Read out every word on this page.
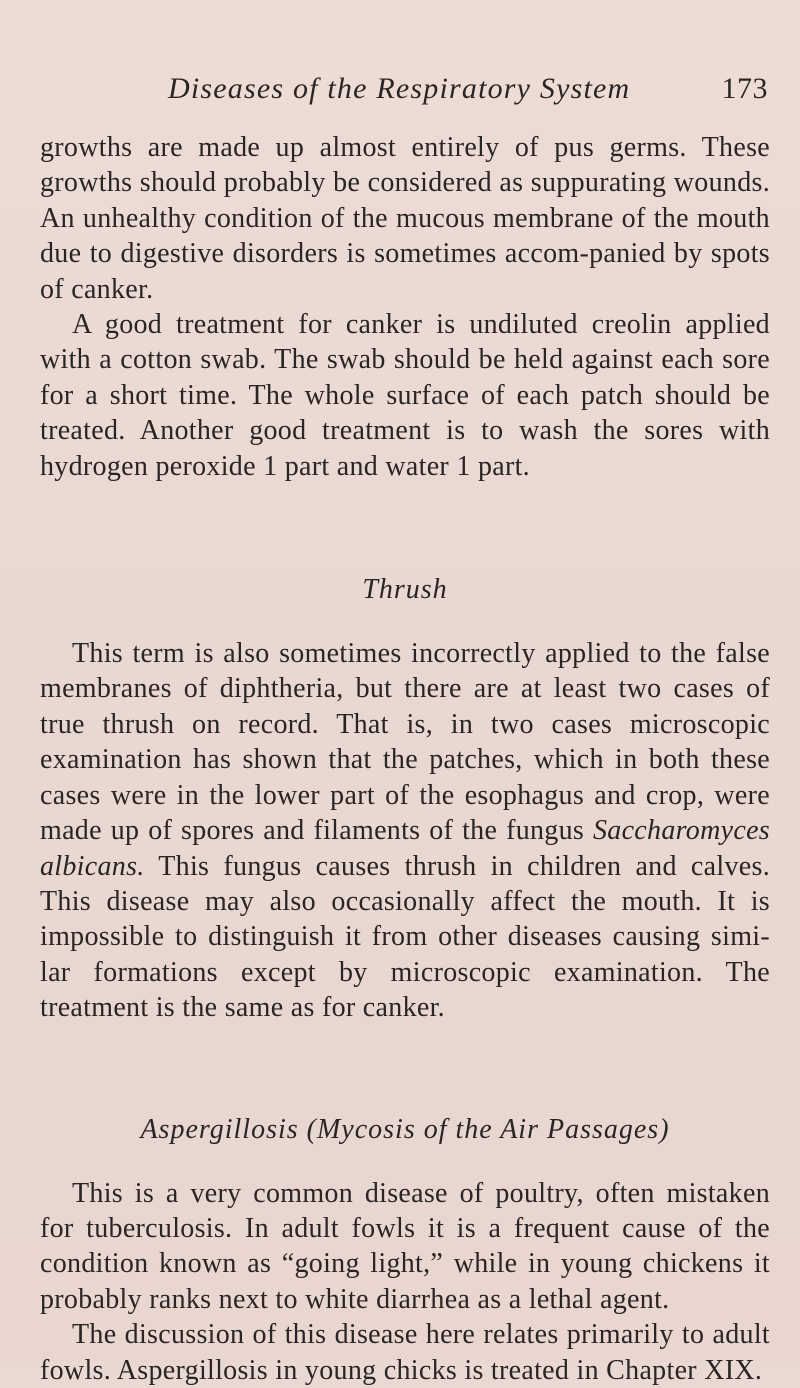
Diseases of the Respiratory System	173

growths are made up almost entirely of pus germs. These growths should probably be considered as suppurating wounds. An unhealthy condition of the mucous membrane of the mouth due to digestive disorders is sometimes accom-panied by spots of canker.

A good treatment for canker is undiluted creolin applied with a cotton swab. The swab should be held against each sore for a short time. The whole surface of each patch should be treated. Another good treatment is to wash the sores with hydrogen peroxide 1 part and water 1 part.

Thrush

This term is also sometimes incorrectly applied to the false membranes of diphtheria, but there are at least two cases of true thrush on record. That is, in two cases microscopic examination has shown that the patches, which in both these cases were in the lower part of the esophagus and crop, were made up of spores and filaments of the fungus Saccharomyces albicans. This fungus causes thrush in children and calves. This disease may also occasionally affect the mouth. It is impossible to distinguish it from other diseases causing simi-lar formations except by microscopic examination. The treatment is the same as for canker.

Aspergillosis (Mycosis of the Air Passages)

This is a very common disease of poultry, often mistaken for tuberculosis. In adult fowls it is a frequent cause of the condition known as “going light,” while in young chickens it probably ranks next to white diarrhea as a lethal agent.

The discussion of this disease here relates primarily to adult fowls. Aspergillosis in young chicks is treated in Chapter XIX.
